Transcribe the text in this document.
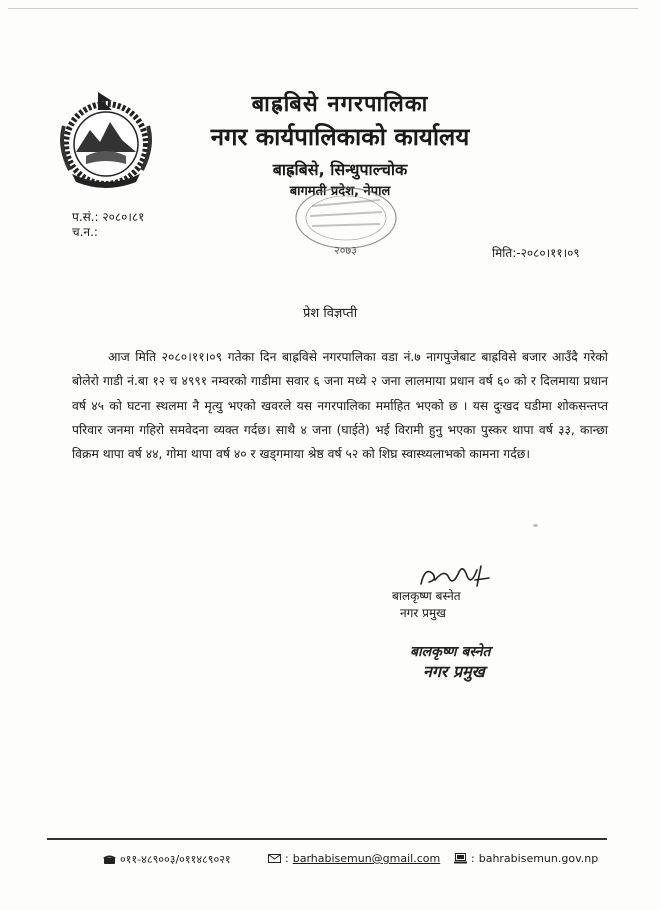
बाह्रबिसे नगरपालिका
नगर कार्यपालिकाको कार्यालय
बाह्रबिसे, सिन्धुपाल्चोक
बागमती प्रदेश, नेपाल
२०७३
प.सं.: २०८०।८१
च.न.:
मिति:-२०८०।११।०९
प्रेश विज्ञप्ती
आज मिति २०८०।११।०९ गतेका दिन बाह्रविसे नगरपालिका वडा नं.७ नागपुजेबाट बाह्रविसे बजार आउँदै गरेको बोलेरो गाडी नं.बा १२ च ४९९१ नम्वरको गाडीमा सवार ६ जना मध्ये २ जना लालमाया प्रधान वर्ष ६० को र दिलमाया प्रधान वर्ष ४५ को घटना स्थलमा नै मृत्यु भएको खवरले यस नगरपालिका मर्माहित भएको छ । यस दुःखद घडीमा शोकसन्तप्त परिवार जनमा गहिरो समवेदना व्यक्त गर्दछ। साथै ४ जना (घाईते) भई विरामी हुनु भएका पुस्कर थापा वर्ष ३३, कान्छा विक्रम थापा वर्ष ४४, गोमा थापा वर्ष ४० र खड्गमाया श्रेष्ठ वर्ष ५२ को शिघ्र स्वास्थ्यलाभको कामना गर्दछ।
बालकृष्ण बस्नेत
नगर प्रमुख
बालकृष्ण बस्नेत
नगर प्रमुख
०११-४८९००३/०११४८९०२१	: barhabisemun@gmail.com	: bahrabisemun.gov.np
